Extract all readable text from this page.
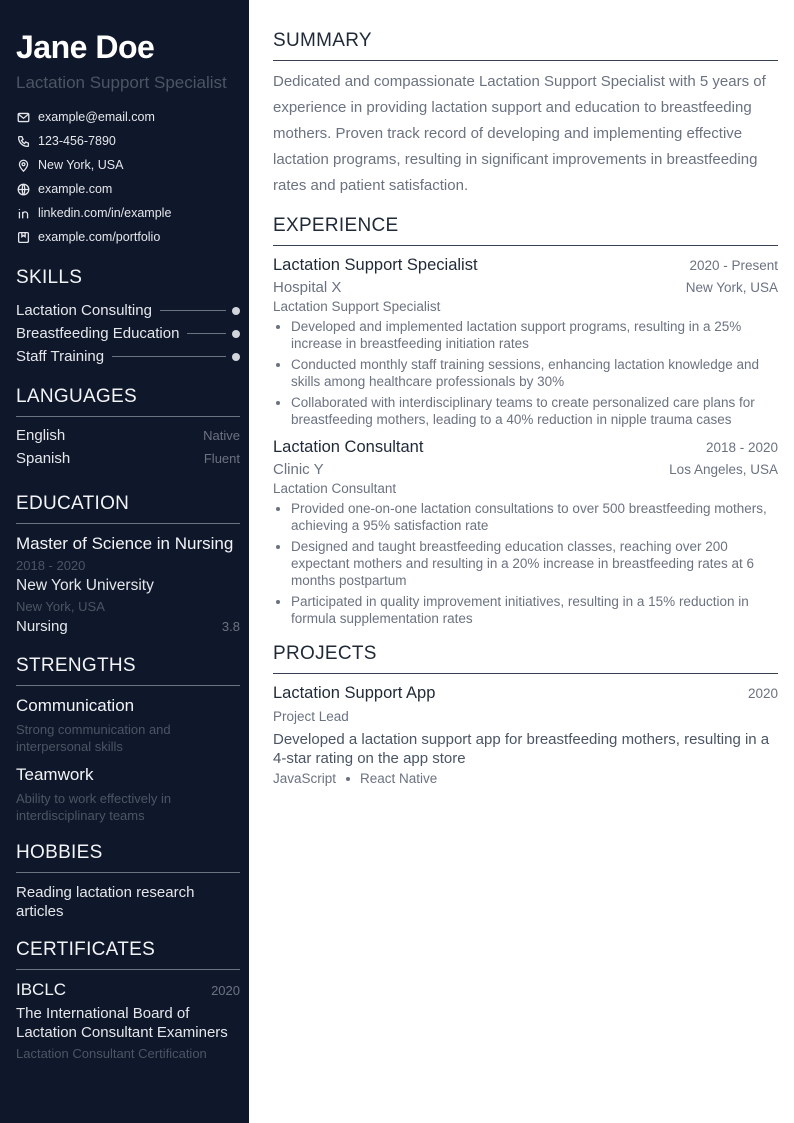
Jane Doe
Lactation Support Specialist
example@email.com
123-456-7890
New York, USA
example.com
linkedin.com/in/example
example.com/portfolio
SKILLS
Lactation Consulting
Breastfeeding Education
Staff Training
LANGUAGES
English	Native
Spanish	Fluent
EDUCATION
Master of Science in Nursing
2018 - 2020
New York University
New York, USA
Nursing	3.8
STRENGTHS
Communication
Strong communication and interpersonal skills
Teamwork
Ability to work effectively in interdisciplinary teams
HOBBIES
Reading lactation research articles
CERTIFICATES
IBCLC	2020
The International Board of Lactation Consultant Examiners
Lactation Consultant Certification
SUMMARY
Dedicated and compassionate Lactation Support Specialist with 5 years of experience in providing lactation support and education to breastfeeding mothers. Proven track record of developing and implementing effective lactation programs, resulting in significant improvements in breastfeeding rates and patient satisfaction.
EXPERIENCE
Lactation Support Specialist	2020 - Present
Hospital X	New York, USA
Lactation Support Specialist
• Developed and implemented lactation support programs, resulting in a 25% increase in breastfeeding initiation rates
• Conducted monthly staff training sessions, enhancing lactation knowledge and skills among healthcare professionals by 30%
• Collaborated with interdisciplinary teams to create personalized care plans for breastfeeding mothers, leading to a 40% reduction in nipple trauma cases
Lactation Consultant	2018 - 2020
Clinic Y	Los Angeles, USA
Lactation Consultant
• Provided one-on-one lactation consultations to over 500 breastfeeding mothers, achieving a 95% satisfaction rate
• Designed and taught breastfeeding education classes, reaching over 200 expectant mothers and resulting in a 20% increase in breastfeeding rates at 6 months postpartum
• Participated in quality improvement initiatives, resulting in a 15% reduction in formula supplementation rates
PROJECTS
Lactation Support App	2020
Project Lead
Developed a lactation support app for breastfeeding mothers, resulting in a 4-star rating on the app store
JavaScript React Native
